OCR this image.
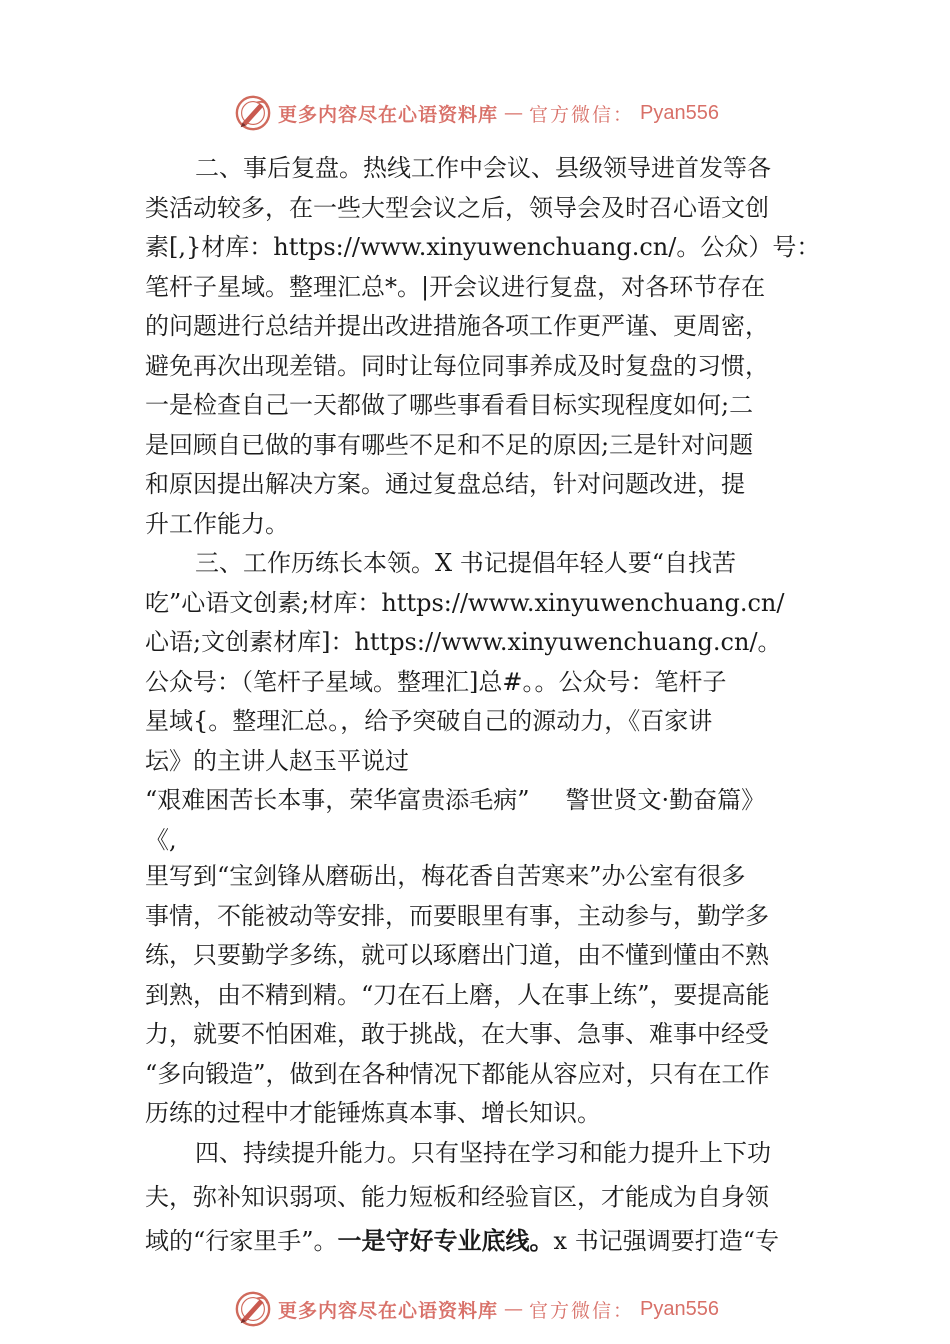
更多内容尽在心语资料库 — 官方微信： Pyan556
二、事后复盘。热线工作中会议、县级领导进首发等各
类活动较多，在一些大型会议之后，领导会及时召心语文创
素[,}材库：https://www.xinyuwenchuang.cn/。公众）号：
笔杆子星域。整理汇总*。|开会议进行复盘，对各环节存在
的问题进行总结并提出改进措施各项工作更严谨、更周密，
避免再次出现差错。同时让每位同事养成及时复盘的习惯，
一是检查自己一天都做了哪些事看看目标实现程度如何;二
是回顾自已做的事有哪些不足和不足的原因;三是针对问题
和原因提出解决方案。通过复盘总结，针对问题改进，提
升工作能力。
三、工作历练长本领。X 书记提倡年轻人要“自找苦
吃”心语文创素;材库：https://www.xinyuwenchuang.cn/
心语;文创素材库]：https://www.xinyuwenchuang.cn/。
公众号：（笔杆子星域。整理汇]总#。。公众号：笔杆子
星域{。整理汇总。，给予突破自己的源动力，《百家讲
坛》的主讲人赵玉平说过
“艰难困苦长本事，荣华富贵添毛病” 警世贤文·勤奋篇》
《,
里写到“宝剑锋从磨砺出，梅花香自苦寒来”办公室有很多
事情，不能被动等安排，而要眼里有事，主动参与，勤学多
练，只要勤学多练，就可以琢磨出门道，由不懂到懂由不熟
到熟，由不精到精。“刀在石上磨，人在事上练”，要提高能
力，就要不怕困难，敢于挑战，在大事、急事、难事中经受
“多向锻造”，做到在各种情况下都能从容应对，只有在工作
历练的过程中才能锤炼真本事、增长知识。
四、持续提升能力。只有坚持在学习和能力提升上下功
夫，弥补知识弱项、能力短板和经验盲区，才能成为自身领
域的“行家里手”。一是守好专业底线。x 书记强调要打造“专
更多内容尽在心语资料库 — 官方微信： Pyan556
